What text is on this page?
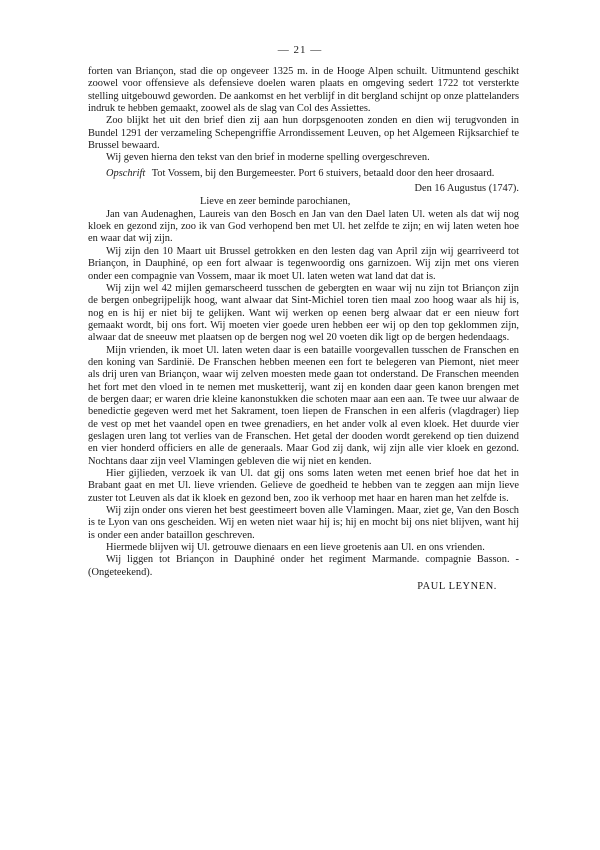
— 21 —

forten van Briançon, stad die op ongeveer 1325 m. in de Hooge Alpen schuilt. Uitmuntend geschikt zoowel voor offensieve als defensieve doelen waren plaats en omgeving sedert 1722 tot versterkte stelling uitgebouwd geworden. De aankomst en het verblijf in dit bergland schijnt op onze plattelanders indruk te hebben gemaakt, zoowel als de slag van Col des Assiettes.

Zoo blijkt het uit den brief dien zij aan hun dorpsgenooten zonden en dien wij terugvonden in Bundel 1291 der verzameling Schepengriffie Arrondissement Leuven, op het Algemeen Rijksarchief te Brussel bewaard.

Wij geven hierna den tekst van den brief in moderne spelling overgeschreven.

Opschrift Tot Vossem, bij den Burgemeester. Port 6 stuivers, betaald door den heer drosaard.

Den 16 Augustus (1747).

Lieve en zeer beminde parochianen,

Jan van Audenaghen, Laureis van den Bosch en Jan van den Dael laten Ul. weten als dat wij nog kloek en gezond zijn, zoo ik van God verhopend ben met Ul. het zelfde te zijn; en wij laten weten hoe en waar dat wij zijn.

Wij zijn den 10 Maart uit Brussel getrokken en den lesten dag van April zijn wij gearriveerd tot Briançon, in Dauphiné, op een fort alwaar is tegenwoordig ons garnizoen. Wij zijn met ons vieren onder een compagnie van Vossem, maar ik moet Ul. laten weten wat land dat dat is.

Wij zijn wel 42 mijlen gemarscheerd tusschen de gebergten en waar wij nu zijn tot Briançon zijn de bergen onbegrijpelijk hoog, want alwaar dat Sint-Michiel toren tien maal zoo hoog waar als hij is, nog en is hij er niet bij te gelijken. Want wij werken op eenen berg alwaar dat er een nieuw fort gemaakt wordt, bij ons fort. Wij moeten vier goede uren hebben eer wij op den top geklommen zijn, alwaar dat de sneeuw met plaatsen op de bergen nog wel 20 voeten dik ligt op de bergen hedendaags.

Mijn vrienden, ik moet Ul. laten weten daar is een bataille voorgevallen tusschen de Franschen en den koning van Sardinië. De Franschen hebben meenen een fort te belegeren van Piemont, niet meer als drij uren van Briançon, waar wij zelven moesten mede gaan tot onderstand. De Franschen meenden het fort met den vloed in te nemen met musketterij, want zij en konden daar geen kanon brengen met de bergen daar; er waren drie kleine kanonstukken die schoten maar aan een aan. Te twee uur alwaar de benedictie gegeven werd met het Sakrament, toen liepen de Franschen in een alferis (vlagdrager) liep de vest op met het vaandel open en twee grenadiers, en het ander volk al even kloek. Het duurde vier geslagen uren lang tot verlies van de Franschen. Het getal der dooden wordt gerekend op tien duizend en vier honderd officiers en alle de generaals. Maar God zij dank, wij zijn alle vier kloek en gezond. Nochtans daar zijn veel Vlamingen gebleven die wij niet en kenden.

Hier gijlieden, verzoek ik van Ul. dat gij ons soms laten weten met eenen brief hoe dat het in Brabant gaat en met Ul. lieve vrienden. Gelieve de goedheid te hebben van te zeggen aan mijn lieve zuster tot Leuven als dat ik kloek en gezond ben, zoo ik verhoop met haar en haren man het zelfde is.

Wij zijn onder ons vieren het best geestimeert boven alle Vlamingen. Maar, ziet ge, Van den Bosch is te Lyon van ons gescheiden. Wij en weten niet waar hij is; hij en mocht bij ons niet blijven, want hij is onder een ander bataillon geschreven.

Hiermede blijven wij Ul. getrouwe dienaars en een lieve groetenis aan Ul. en ons vrienden.

Wij liggen tot Briançon in Dauphiné onder het regiment Marmande. compagnie Basson. - (Ongeteekend).

PAUL LEYNEN.
